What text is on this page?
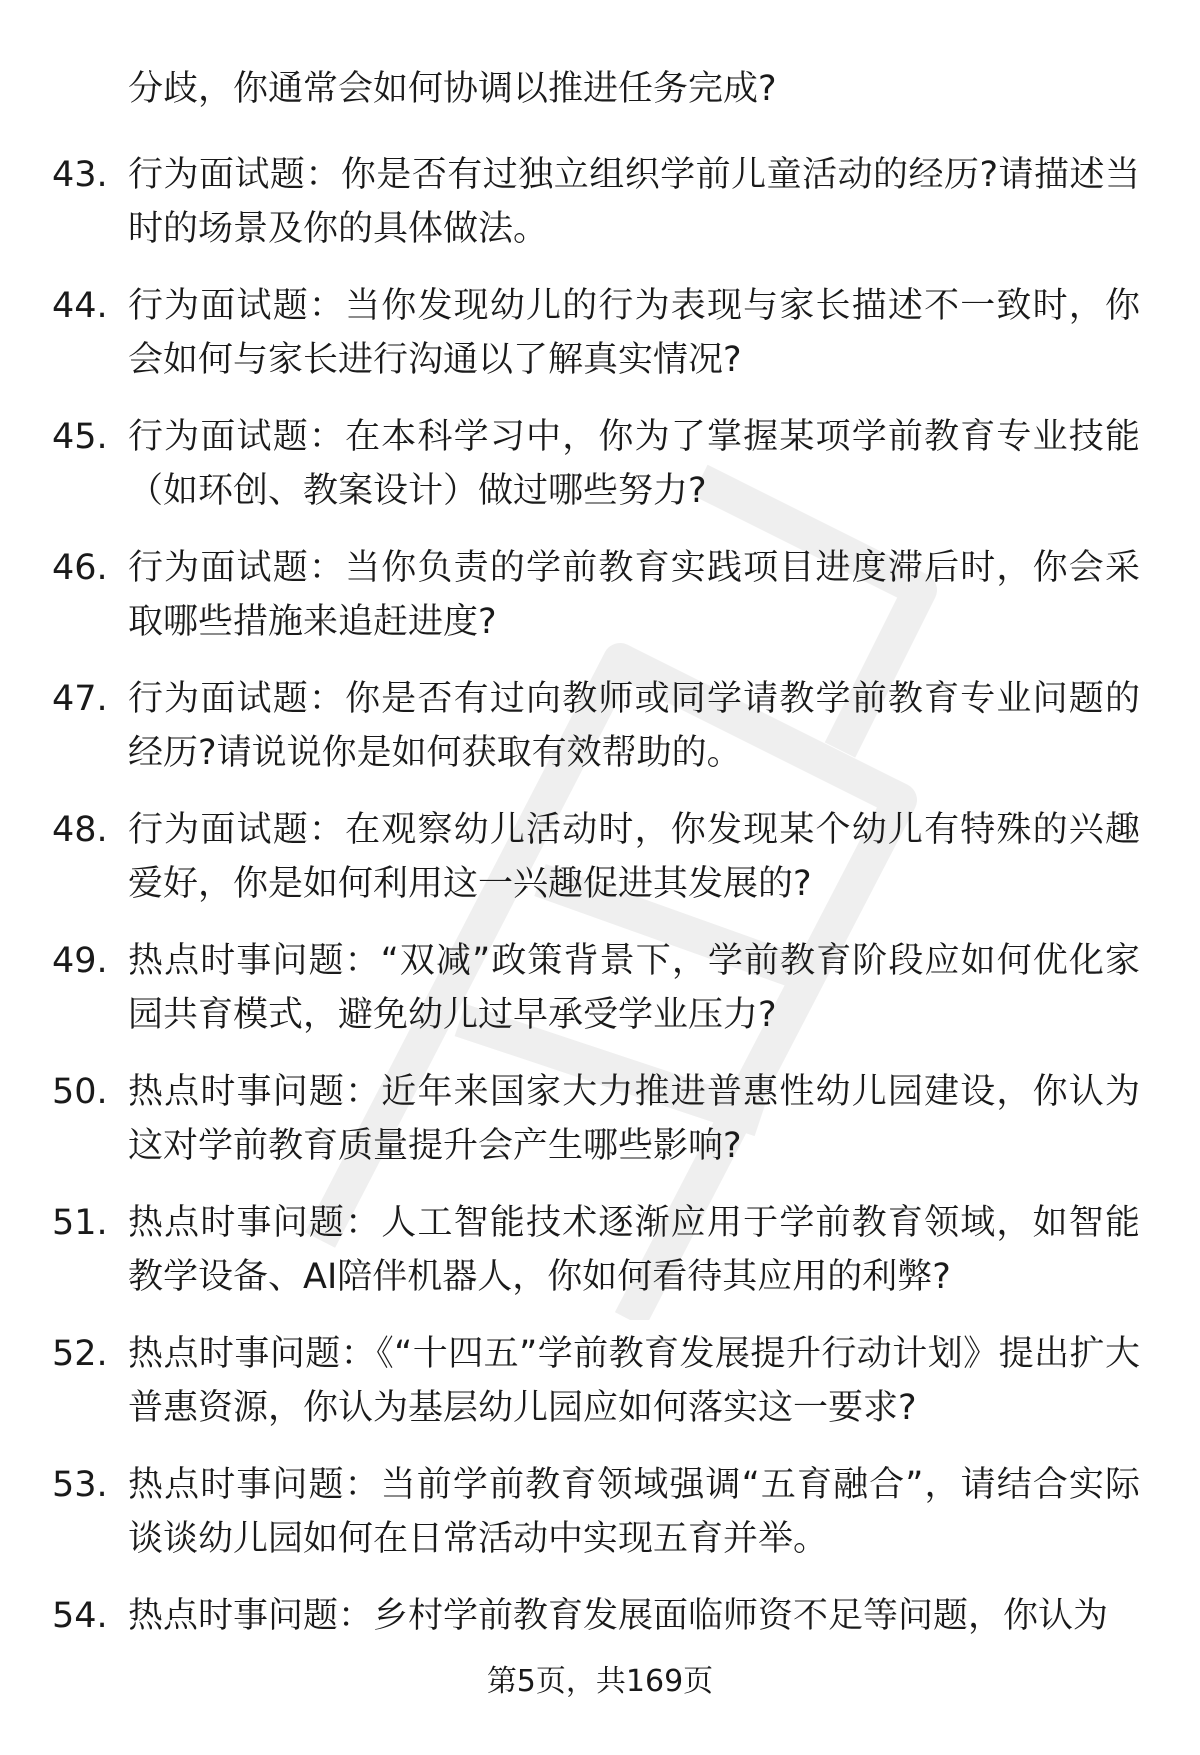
分歧，你通常会如何协调以推进任务完成?
43. 行为面试题：你是否有过独立组织学前儿童活动的经历?请描述当时的场景及你的具体做法。
44. 行为面试题：当你发现幼儿的行为表现与家长描述不一致时，你会如何与家长进行沟通以了解真实情况?
45. 行为面试题：在本科学习中，你为了掌握某项学前教育专业技能（如环创、教案设计）做过哪些努力?
46. 行为面试题：当你负责的学前教育实践项目进度滞后时，你会采取哪些措施来追赶进度?
47. 行为面试题：你是否有过向教师或同学请教学前教育专业问题的经历?请说说你是如何获取有效帮助的。
48. 行为面试题：在观察幼儿活动时，你发现某个幼儿有特殊的兴趣爱好，你是如何利用这一兴趣促进其发展的?
49. 热点时事问题：“双减”政策背景下，学前教育阶段应如何优化家园共育模式，避免幼儿过早承受学业压力?
50. 热点时事问题：近年来国家大力推进普惠性幼儿园建设，你认为这对学前教育质量提升会产生哪些影响?
51. 热点时事问题：人工智能技术逐渐应用于学前教育领域，如智能教学设备、AI陪伴机器人，你如何看待其应用的利弊?
52. 热点时事问题：《“十四五”学前教育发展提升行动计划》提出扩大普惠资源，你认为基层幼儿园应如何落实这一要求?
53. 热点时事问题：当前学前教育领域强调“五育融合”，请结合实际谈谈幼儿园如何在日常活动中实现五育并举。
54. 热点时事问题：乡村学前教育发展面临师资不足等问题，你认为
第5页，共169页
